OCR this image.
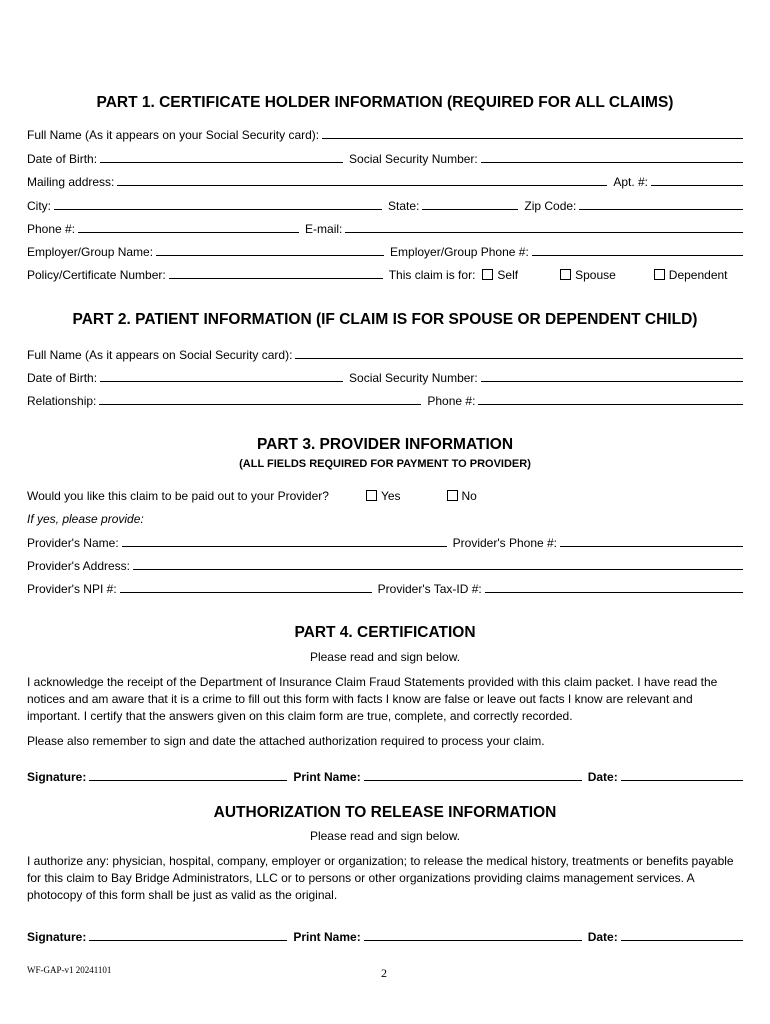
PART 1. CERTIFICATE HOLDER INFORMATION (REQUIRED FOR ALL CLAIMS)
Full Name (As it appears on your Social Security card):
Date of Birth:	Social Security Number:
Mailing address:	Apt. #:
City:	State:	Zip Code:
Phone #:	E-mail:
Employer/Group Name:	Employer/Group Phone #:
Policy/Certificate Number:	This claim is for: Self	Spouse	Dependent
PART 2. PATIENT INFORMATION (IF CLAIM IS FOR SPOUSE OR DEPENDENT CHILD)
Full Name (As it appears on Social Security card):
Date of Birth:	Social Security Number:
Relationship:	Phone #:
PART 3. PROVIDER INFORMATION
(ALL FIELDS REQUIRED FOR PAYMENT TO PROVIDER)
Would you like this claim to be paid out to your Provider?	Yes	No
If yes, please provide:
Provider's Name:	Provider's Phone #:
Provider's Address:
Provider's NPI #:	Provider's Tax-ID #:
PART 4. CERTIFICATION
Please read and sign below.
I acknowledge the receipt of the Department of Insurance Claim Fraud Statements provided with this claim packet. I have read the notices and am aware that it is a crime to fill out this form with facts I know are false or leave out facts I know are relevant and important. I certify that the answers given on this claim form are true, complete, and correctly recorded.
Please also remember to sign and date the attached authorization required to process your claim.
Signature:	Print Name:	Date:
AUTHORIZATION TO RELEASE INFORMATION
Please read and sign below.
I authorize any: physician, hospital, company, employer or organization; to release the medical history, treatments or benefits payable for this claim to Bay Bridge Administrators, LLC or to persons or other organizations providing claims management services. A photocopy of this form shall be just as valid as the original.
Signature:	Print Name:	Date:
WF-GAP-v1 20241101	2
